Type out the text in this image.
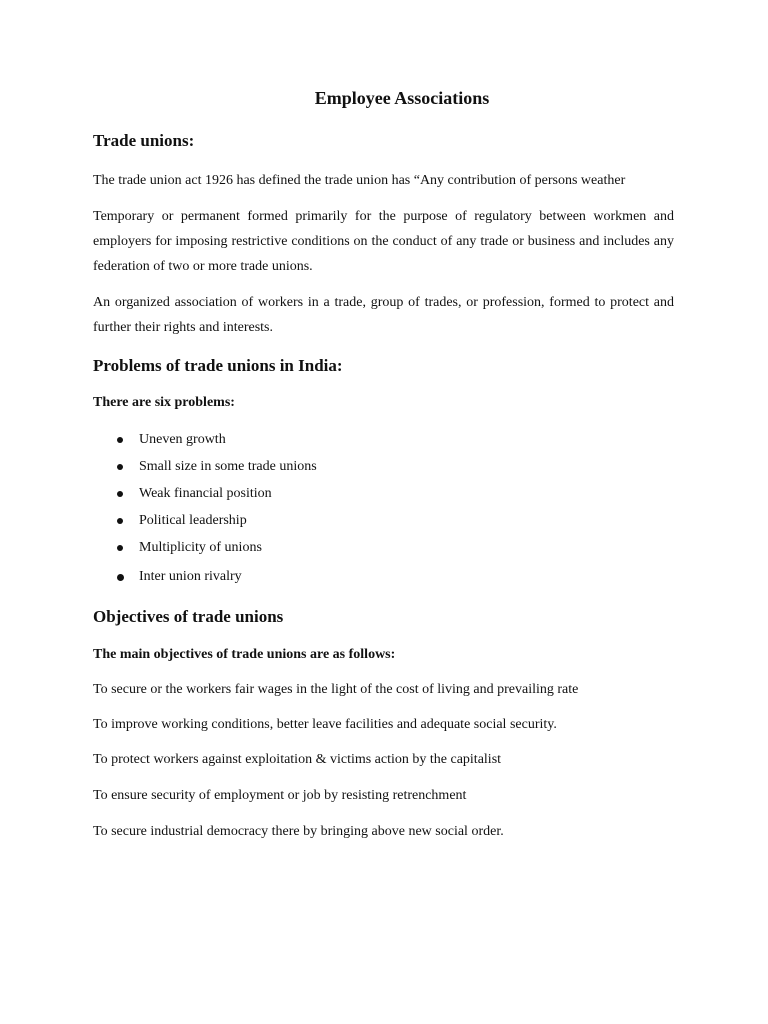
Employee Associations
Trade unions:

The trade union act 1926 has defined the trade union has “Any contribution of persons weather

Temporary or permanent formed primarily for the purpose of regulatory between workmen and employers for imposing restrictive conditions on the conduct of any trade or business and includes any federation of two or more trade unions.

An organized association of workers in a trade, group of trades, or profession, formed to protect and further their rights and interests.

Problems of trade unions in India:
There are six problems:
Uneven growth
Small size in some trade unions
Weak financial position
Political leadership
Multiplicity of unions
Inter union rivalry
Objectives of trade unions
The main objectives of trade unions are as follows:

To secure or the workers fair wages in the light of the cost of living and prevailing rate

To improve working conditions, better leave facilities and adequate social security.

To protect workers against exploitation & victims action by the capitalist

To ensure security of employment or job by resisting retrenchment

To secure industrial democracy there by bringing above new social order.
